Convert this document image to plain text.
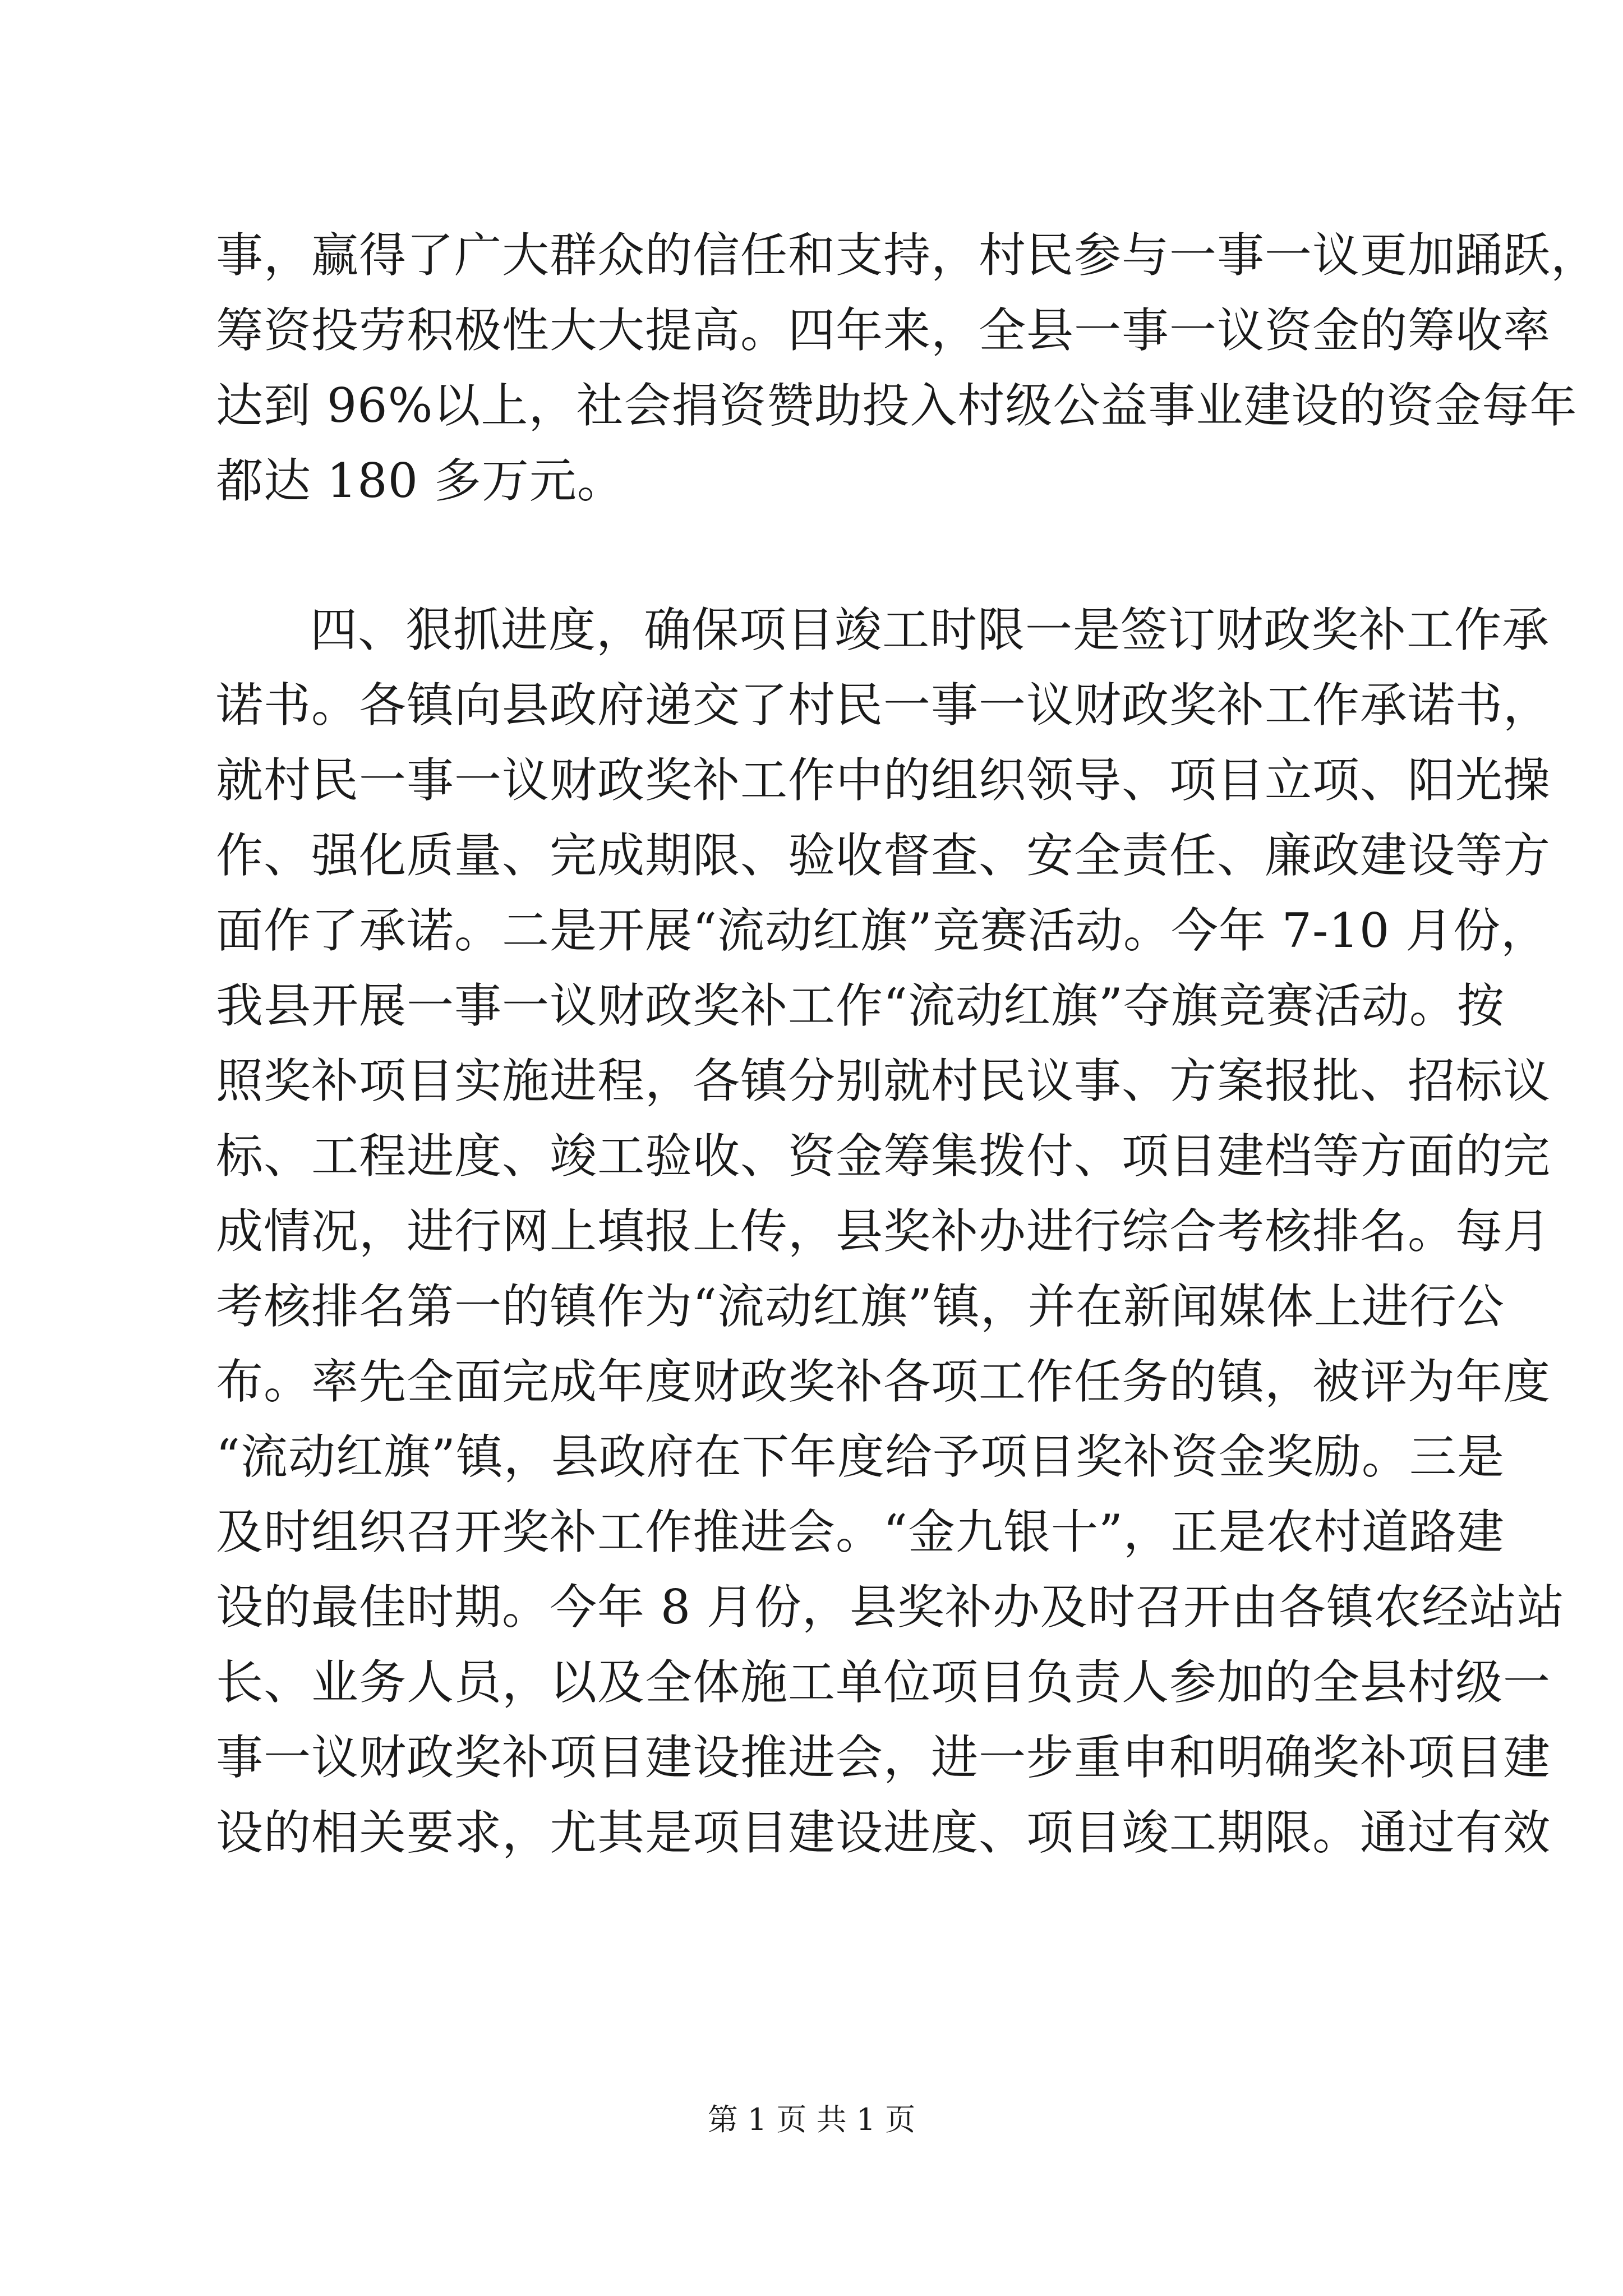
事，赢得了广大群众的信任和支持，村民参与一事一议更加踊跃，
筹资投劳积极性大大提高。四年来，全县一事一议资金的筹收率
达到 96%以上，社会捐资赞助投入村级公益事业建设的资金每年
都达 180 多万元。
四、狠抓进度，确保项目竣工时限一是签订财政奖补工作承
诺书。各镇向县政府递交了村民一事一议财政奖补工作承诺书，
就村民一事一议财政奖补工作中的组织领导、项目立项、阳光操
作、强化质量、完成期限、验收督查、安全责任、廉政建设等方
面作了承诺。二是开展“流动红旗”竞赛活动。今年 7-10 月份，
我县开展一事一议财政奖补工作“流动红旗”夺旗竞赛活动。按
照奖补项目实施进程，各镇分别就村民议事、方案报批、招标议
标、工程进度、竣工验收、资金筹集拨付、项目建档等方面的完
成情况，进行网上填报上传，县奖补办进行综合考核排名。每月
考核排名第一的镇作为“流动红旗”镇，并在新闻媒体上进行公
布。率先全面完成年度财政奖补各项工作任务的镇，被评为年度
“流动红旗”镇，县政府在下年度给予项目奖补资金奖励。三是
及时组织召开奖补工作推进会。“金九银十”，正是农村道路建
设的最佳时期。今年 8 月份，县奖补办及时召开由各镇农经站站
长、业务人员，以及全体施工单位项目负责人参加的全县村级一
事一议财政奖补项目建设推进会，进一步重申和明确奖补项目建
设的相关要求，尤其是项目建设进度、项目竣工期限。通过有效
第 1 页 共 1 页
